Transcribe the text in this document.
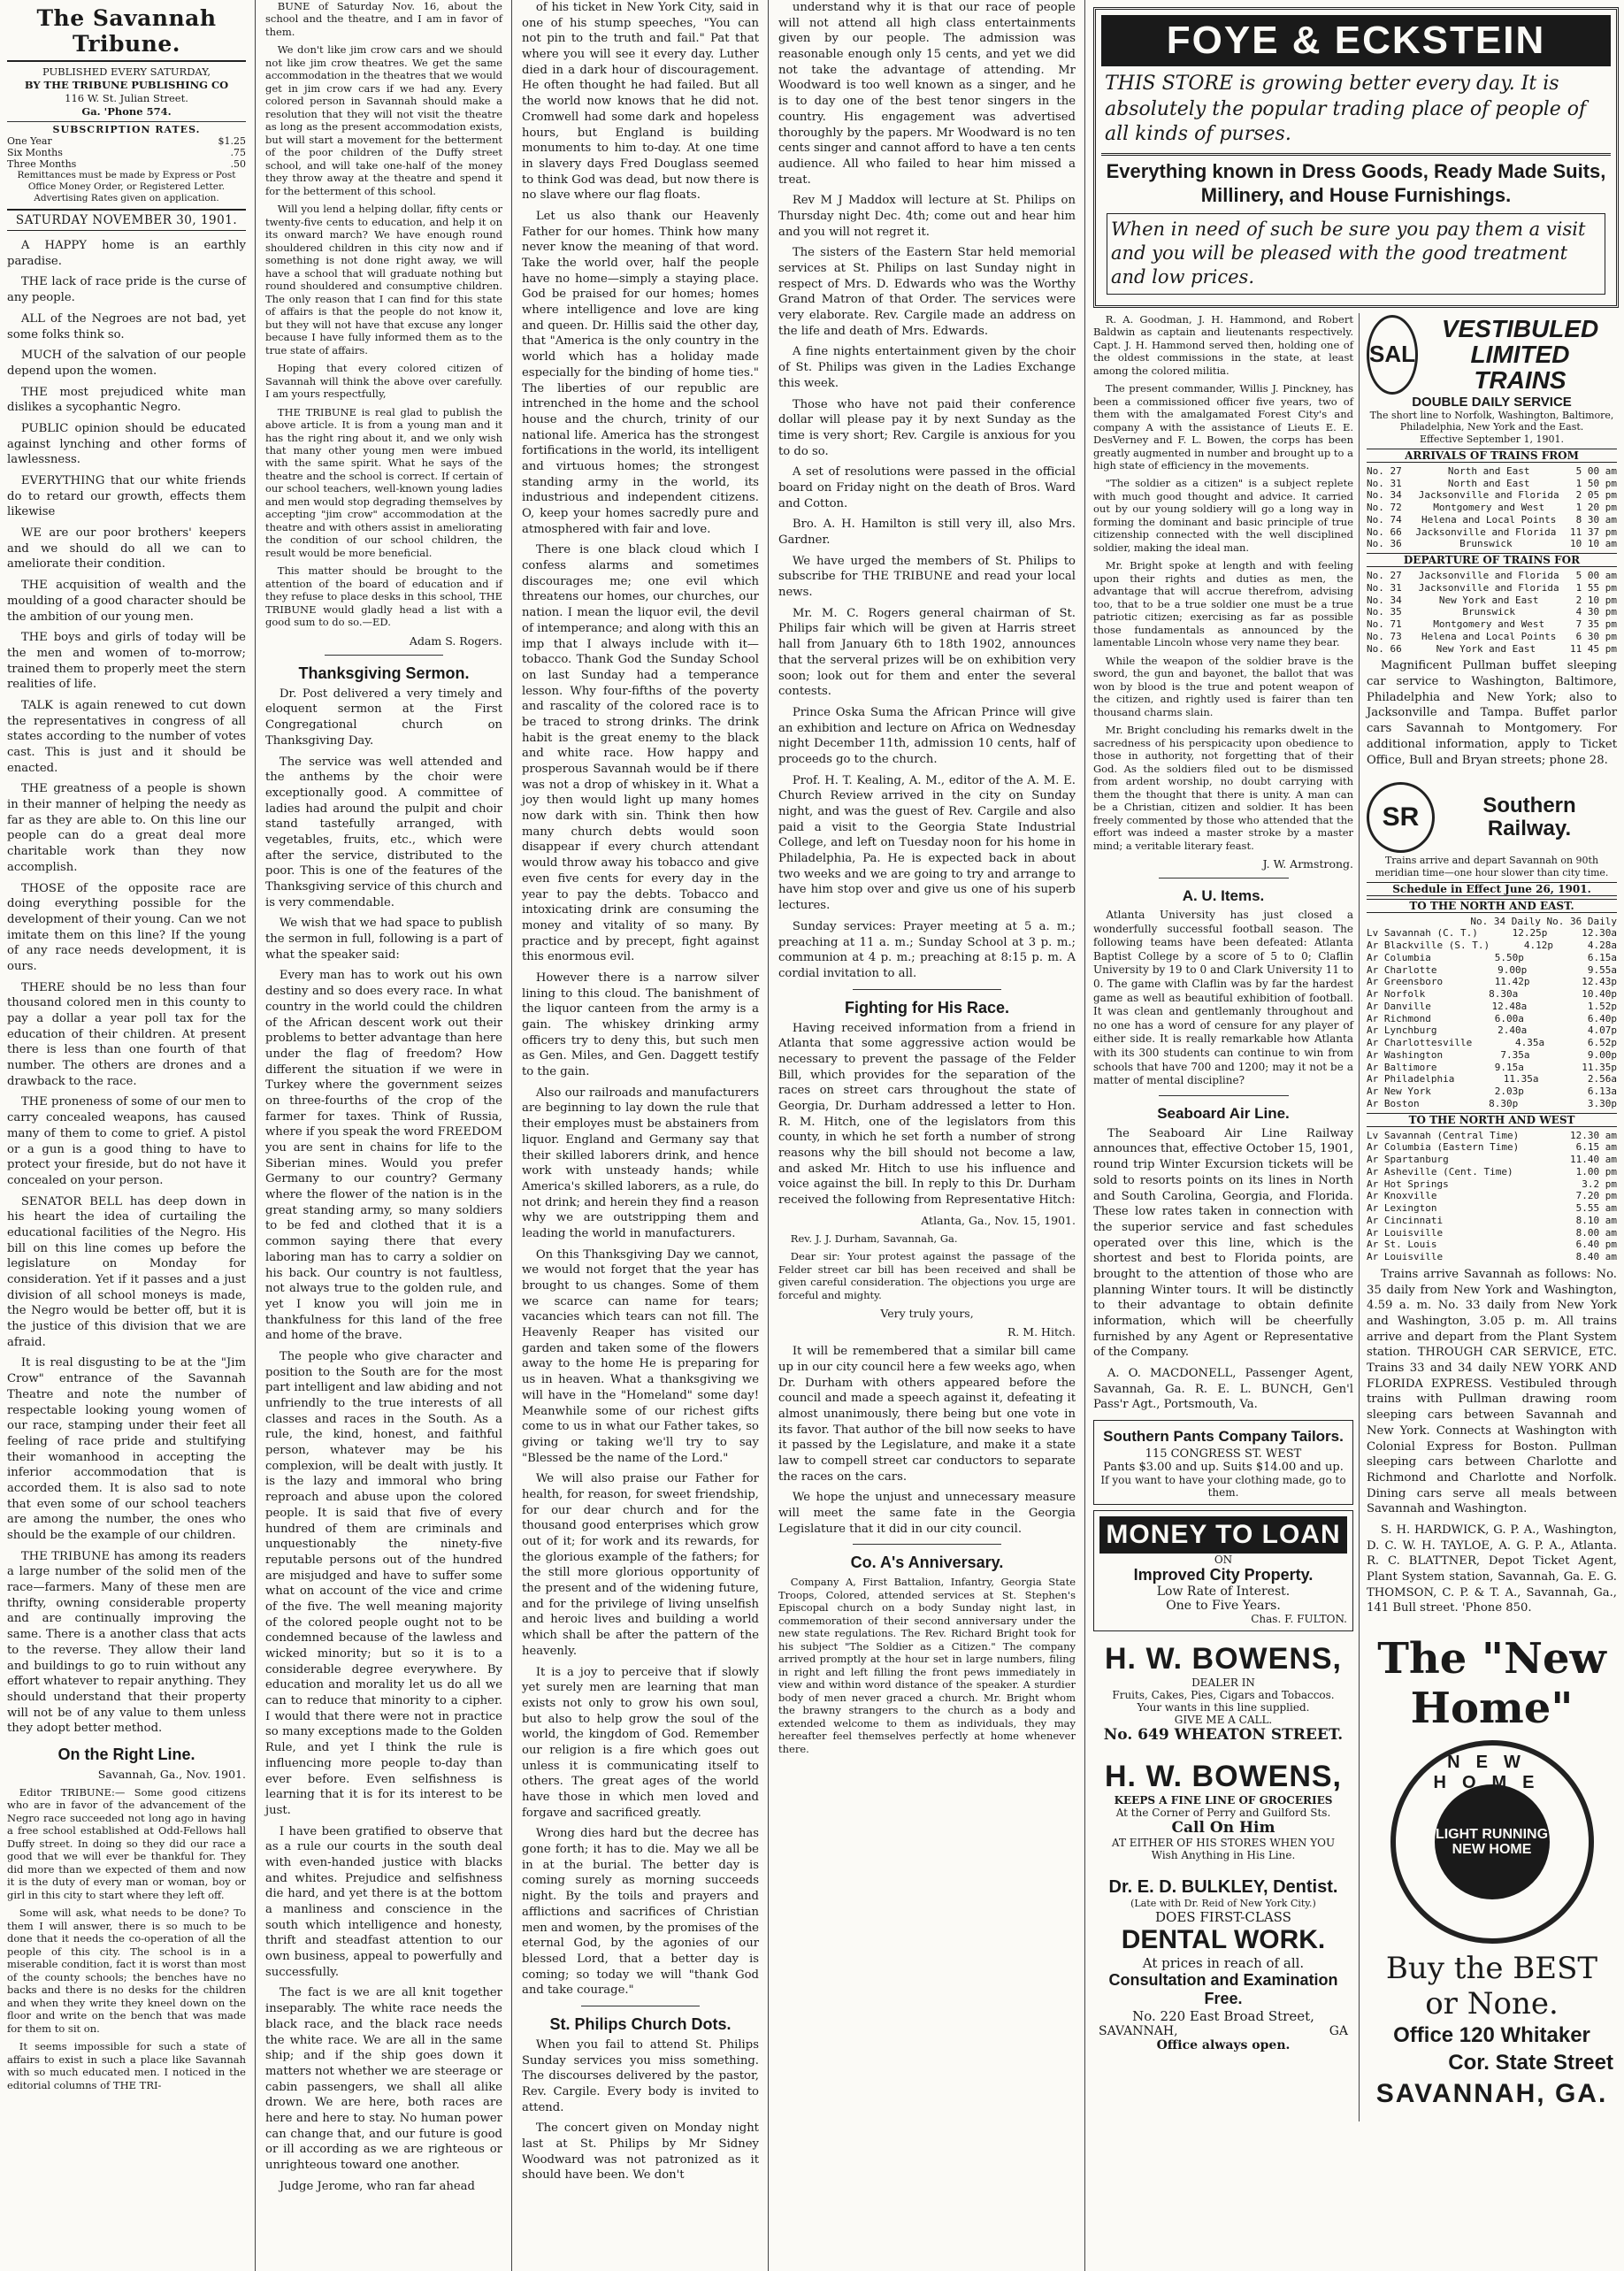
The Savannah Tribune.
PUBLISHED EVERY SATURDAY,
BY THE TRIBUNE PUBLISHING CO
116 W. St. Julian Street.
Ga. 'Phone 574.
SUBSCRIPTION RATES.
One Year	$1.25
Six Months	.75
Three Months	.50
Remittances must be made by Express or Post Office Money Order, or Registered Letter. Advertising Rates given on application.
SATURDAY NOVEMBER 30, 1901.

A HAPPY home is an earthly paradise.

THE lack of race pride is the curse of any people.

ALL of the Negroes are not bad, yet some folks think so.

MUCH of the salvation of our people depend upon the women.

THE most prejudiced white man dislikes a sycophantic Negro.

PUBLIC opinion should be educated against lynching and other forms of lawlessness.

EVERYTHING that our white friends do to retard our growth, effects them likewise

WE are our poor brothers' keepers and we should do all we can to ameliorate their condition.

THE acquisition of wealth and the moulding of a good character should be the ambition of our young men.

THE boys and girls of today will be the men and women of to-morrow; trained them to properly meet the stern realities of life.

TALK is again renewed to cut down the representatives in congress of all states according to the number of votes cast. This is just and it should be enacted.

THE greatness of a people is shown in their manner of helping the needy as far as they are able to. On this line our people can do a great deal more charitable work than they now accomplish.

THOSE of the opposite race are doing everything possible for the development of their young. Can we not imitate them on this line? If the young of any race needs development, it is ours.

THERE should be no less than four thousand colored men in this county to pay a dollar a year poll tax for the education of their children. At present there is less than one fourth of that number. The others are drones and a drawback to the race.

THE proneness of some of our men to carry concealed weapons, has caused many of them to come to grief. A pistol or a gun is a good thing to have to protect your fireside, but do not have it concealed on your person.

SENATOR BELL has deep down in his heart the idea of curtailing the educational facilities of the Negro. His bill on this line comes up before the legislature on Monday for consideration. Yet if it passes and a just division of all school moneys is made, the Negro would be better off, but it is the justice of this division that we are afraid.

It is real disgusting to be at the "Jim Crow" entrance of the Savannah Theatre and note the number of respectable looking young women of our race, stamping under their feet all feeling of race pride and stultifying their womanhood in accepting the inferior accommodation that is accorded them. It is also sad to note that even some of our school teachers are among the number, the ones who should be the example of our children.

THE TRIBUNE has among its readers a large number of the solid men of the race—farmers. Many of these men are thrifty, owning considerable property and are continually improving the same. There is a another class that acts to the reverse. They allow their land and buildings to go to ruin without any effort whatever to repair anything. They should understand that their property will not be of any value to them unless they adopt better method.

On the Right Line.
Savannah, Ga., Nov. 1901.

Editor TRIBUNE:— Some good citizens who are in favor of the advancement of the Negro race succeeded not long ago in having a free school established at Odd-Fellows hall Duffy street. In doing so they did our race a good that we will ever be thankful for. They did more than we expected of them and now it is the duty of every man or woman, boy or girl in this city to start where they left off.

Some will ask, what needs to be done? To them I will answer, there is so much to be done that it needs the co-operation of all the people of this city. The school is in a miserable condition, fact it is worst than most of the county schools; the benches have no backs and there is no desks for the children and when they write they kneel down on the floor and write on the bench that was made for them to sit on.

It seems impossible for such a state of affairs to exist in such a place like Savannah with so much educated men. I noticed in the editorial columns of THE TRI-

BUNE of Saturday Nov. 16, about the school and the theatre, and I am in favor of them.

We don't like jim crow cars and we should not like jim crow theatres. We get the same accommodation in the theatres that we would get in jim crow cars if we had any. Every colored person in Savannah should make a resolution that they will not visit the theatre as long as the present accommodation exists, but will start a movement for the betterment of the poor children of the Duffy street school, and will take one-half of the money they throw away at the theatre and spend it for the betterment of this school.

Will you lend a helping dollar, fifty cents or twenty-five cents to education, and help it on its onward march? We have enough round shouldered children in this city now and if something is not done right away, we will have a school that will graduate nothing but round shouldered and consumptive children. The only reason that I can find for this state of affairs is that the people do not know it, but they will not have that excuse any longer because I have fully informed them as to the true state of affairs.

Hoping that every colored citizen of Savannah will think the above over carefully. I am yours respectfully,

THE TRIBUNE is real glad to publish the above article. It is from a young man and it has the right ring about it, and we only wish that many other young men were imbued with the same spirit. What he says of the theatre and the school is correct. If certain of our school teachers, well-known young ladies and men would stop degrading themselves by accepting "jim crow" accommodation at the theatre and with others assist in ameliorating the condition of our school children, the result would be more beneficial.

This matter should be brought to the attention of the board of education and if they refuse to place desks in this school, THE TRIBUNE would gladly head a list with a good sum to do so.—ED.

Adam S. Rogers.
Thanksgiving Sermon.

Dr. Post delivered a very timely and eloquent sermon at the First Congregational church on Thanksgiving Day.

The service was well attended and the anthems by the choir were exceptionally good. A committee of ladies had around the pulpit and choir stand tastefully arranged, with vegetables, fruits, etc., which were after the service, distributed to the poor. This is one of the features of the Thanksgiving service of this church and is very commendable.

We wish that we had space to publish the sermon in full, following is a part of what the speaker said:

Every man has to work out his own destiny and so does every race. In what country in the world could the children of the African descent work out their problems to better advantage than here under the flag of freedom? How different the situation if we were in Turkey where the government seizes on three-fourths of the crop of the farmer for taxes. Think of Russia, where if you speak the word FREEDOM you are sent in chains for life to the Siberian mines. Would you prefer Germany to our country? Germany where the flower of the nation is in the great standing army, so many soldiers to be fed and clothed that it is a common saying there that every laboring man has to carry a soldier on his back. Our country is not faultless, not always true to the golden rule, and yet I know you will join me in thankfulness for this land of the free and home of the brave.

The people who give character and position to the South are for the most part intelligent and law abiding and not unfriendly to the true interests of all classes and races in the South. As a rule, the kind, honest, and faithful person, whatever may be his complexion, will be dealt with justly. It is the lazy and immoral who bring reproach and abuse upon the colored people. It is said that five of every hundred of them are criminals and unquestionably the ninety-five reputable persons out of the hundred are misjudged and have to suffer some what on account of the vice and crime of the five. The well meaning majority of the colored people ought not to be condemned because of the lawless and wicked minority; but so it is to a considerable degree everywhere. By education and morality let us do all we can to reduce that minority to a cipher. I would that there were not in practice so many exceptions made to the Golden Rule, and yet I think the rule is influencing more people to-day than ever before. Even selfishness is learning that it is for its interest to be just.

I have been gratified to observe that as a rule our courts in the south deal with even-handed justice with blacks and whites. Prejudice and selfishness die hard, and yet there is at the bottom a manliness and conscience in the south which intelligence and honesty, thrift and steadfast attention to our own business, appeal to powerfully and successfully.

The fact is we are all knit together inseparably. The white race needs the black race, and the black race needs the white race. We are all in the same ship; and if the ship goes down it matters not whether we are steerage or cabin passengers, we shall all alike drown. We are here, both races are here and here to stay. No human power can change that, and our future is good or ill according as we are righteous or unrighteous toward one another.

Judge Jerome, who ran far ahead

of his ticket in New York City, said in one of his stump speeches, "You can not pin to the truth and fail." Pat that where you will see it every day. Luther died in a dark hour of discouragement. He often thought he had failed. But all the world now knows that he did not. Cromwell had some dark and hopeless hours, but England is building monuments to him to-day. At one time in slavery days Fred Douglass seemed to think God was dead, but now there is no slave where our flag floats.

Let us also thank our Heavenly Father for our homes. Think how many never know the meaning of that word. Take the world over, half the people have no home—simply a staying place. God be praised for our homes; homes where intelligence and love are king and queen. Dr. Hillis said the other day, that "America is the only country in the world which has a holiday made especially for the binding of home ties." The liberties of our republic are intrenched in the home and the school house and the church, trinity of our national life. America has the strongest fortifications in the world, its intelligent and virtuous homes; the strongest standing army in the world, its industrious and independent citizens. O, keep your homes sacredly pure and atmosphered with fair and love.

There is one black cloud which I confess alarms and sometimes discourages me; one evil which threatens our homes, our churches, our nation. I mean the liquor evil, the devil of intemperance; and along with this an imp that I always include with it—tobacco. Thank God the Sunday School on last Sunday had a temperance lesson. Why four-fifths of the poverty and rascality of the colored race is to be traced to strong drinks. The drink habit is the great enemy to the black and white race. How happy and prosperous Savannah would be if there was not a drop of whiskey in it. What a joy then would light up many homes now dark with sin. Think then how many church debts would soon disappear if every church attendant would throw away his tobacco and give even five cents for every day in the year to pay the debts. Tobacco and intoxicating drink are consuming the money and vitality of so many. By practice and by precept, fight against this enormous evil.

However there is a narrow silver lining to this cloud. The banishment of the liquor canteen from the army is a gain. The whiskey drinking army officers try to deny this, but such men as Gen. Miles, and Gen. Daggett testify to the gain.

Also our railroads and manufacturers are beginning to lay down the rule that their employes must be abstainers from liquor. England and Germany say that their skilled laborers drink, and hence work with unsteady hands; while America's skilled laborers, as a rule, do not drink; and herein they find a reason why we are outstripping them and leading the world in manufacturers.

On this Thanksgiving Day we cannot, we would not forget that the year has brought to us changes. Some of them we scarce can name for tears; vacancies which tears can not fill. The Heavenly Reaper has visited our garden and taken some of the flowers away to the home He is preparing for us in heaven. What a thanksgiving we will have in the "Homeland" some day! Meanwhile some of our richest gifts come to us in what our Father takes, so giving or taking we'll try to say "Blessed be the name of the Lord."

We will also praise our Father for health, for reason, for sweet friendship, for our dear church and for the thousand good enterprises which grow out of it; for work and its rewards, for the glorious example of the fathers; for the still more glorious opportunity of the present and of the widening future, and for the privilege of living unselfish and heroic lives and building a world which shall be after the pattern of the heavenly.

It is a joy to perceive that if slowly yet surely men are learning that man exists not only to grow his own soul, but also to help grow the soul of the world, the kingdom of God. Remember our religion is a fire which goes out unless it is communicating itself to others. The great ages of the world have those in which men loved and forgave and sacrificed greatly.

Wrong dies hard but the decree has gone forth; it has to die. May we all be in at the burial. The better day is coming surely as morning succeeds night. By the toils and prayers and afflictions and sacrifices of Christian men and women, by the promises of the eternal God, by the agonies of our blessed Lord, that a better day is coming; so today we will "thank God and take courage."

St. Philips Church Dots.

When you fail to attend St. Philips Sunday services you miss something. The discourses delivered by the pastor, Rev. Cargile. Every body is invited to attend.

The concert given on Monday night last at St. Philips by Mr Sidney Woodward was not patronized as it should have been. We don't

understand why it is that our race of people will not attend all high class entertainments given by our people. The admission was reasonable enough only 15 cents, and yet we did not take the advantage of attending. Mr Woodward is too well known as a singer, and he is to day one of the best tenor singers in the country. His engagement was advertised thoroughly by the papers. Mr Woodward is no ten cents singer and cannot afford to have a ten cents audience. All who failed to hear him missed a treat.

Rev M J Maddox will lecture at St. Philips on Thursday night Dec. 4th; come out and hear him and you will not regret it.

The sisters of the Eastern Star held memorial services at St. Philips on last Sunday night in respect of Mrs. D. Edwards who was the Worthy Grand Matron of that Order. The services were very elaborate. Rev. Cargile made an address on the life and death of Mrs. Edwards.

A fine nights entertainment given by the choir of St. Philips was given in the Ladies Exchange this week.

Those who have not paid their conference dollar will please pay it by next Sunday as the time is very short; Rev. Cargile is anxious for you to do so.

A set of resolutions were passed in the official board on Friday night on the death of Bros. Ward and Cotton.

Bro. A. H. Hamilton is still very ill, also Mrs. Gardner.

We have urged the members of St. Philips to subscribe for THE TRIBUNE and read your local news.

Mr. M. C. Rogers general chairman of St. Philips fair which will be given at Harris street hall from January 6th to 18th 1902, announces that the serveral prizes will be on exhibition very soon; look out for them and enter the several contests.

Prince Oska Suma the African Prince will give an exhibition and lecture on Africa on Wednesday night December 11th, admission 10 cents, half of proceeds go to the church.

Prof. H. T. Kealing, A. M., editor of the A. M. E. Church Review arrived in the city on Sunday night, and was the guest of Rev. Cargile and also paid a visit to the Georgia State Industrial College, and left on Tuesday noon for his home in Philadelphia, Pa. He is expected back in about two weeks and we are going to try and arrange to have him stop over and give us one of his superb lectures.

Sunday services: Prayer meeting at 5 a. m.; preaching at 11 a. m.; Sunday School at 3 p. m.; communion at 4 p. m.; preaching at 8:15 p. m. A cordial invitation to all.

Fighting for His Race.

Having received information from a friend in Atlanta that some aggressive action would be necessary to prevent the passage of the Felder Bill, which provides for the separation of the races on street cars throughout the state of Georgia, Dr. Durham addressed a letter to Hon. R. M. Hitch, one of the legislators from this county, in which he set forth a number of strong reasons why the bill should not become a law, and asked Mr. Hitch to use his influence and voice against the bill. In reply to this Dr. Durham received the following from Representative Hitch:

Atlanta, Ga., Nov. 15, 1901.

Rev. J. J. Durham, Savannah, Ga.

Dear sir: Your protest against the passage of the Felder street car bill has been received and shall be given careful consideration. The objections you urge are forceful and mighty.

Very truly yours,
R. M. Hitch.

It will be remembered that a similar bill came up in our city council here a few weeks ago, when Dr. Durham with others appeared before the council and made a speech against it, defeating it almost unanimously, there being but one vote in its favor. That author of the bill now seeks to have it passed by the Legislature, and make it a state law to compell street car conductors to separate the races on the cars.

We hope the unjust and unnecessary measure will meet the same fate in the Georgia Legislature that it did in our city council.

Co. A's Anniversary.

Company A, First Battalion, Infantry, Georgia State Troops, Colored, attended services at St. Stephen's Episcopal church on a body Sunday night last, in commemoration of their second anniversary under the new state regulations. The Rev. Richard Bright took for his subject "The Soldier as a Citizen." The company arrived promptly at the hour set in large numbers, filing in right and left filling the front pews immediately in view and within word distance of the speaker. A sturdier body of men never graced a church. Mr. Bright whom the brawny strangers to the church as a body and extended welcome to them as individuals, they may hereafter feel themselves perfectly at home whenever there.

FOYE & ECKSTEIN
THIS STORE is growing better every day. It is absolutely the popular trading place of people of all kinds of purses.
Everything known in Dress Goods, Ready Made Suits, Millinery, and House Furnishings.
When in need of such be sure you pay them a visit and you will be pleased with the good treatment and low prices.

R. A. Goodman, J. H. Hammond, and Robert Baldwin as captain and lieutenants respectively. Capt. J. H. Hammond served then, holding one of the oldest commissions in the state, at least among the colored militia.

The present commander, Willis J. Pinckney, has been a commissioned officer five years, two of them with the amalgamated Forest City's and company A with the assistance of Lieuts E. E. DesVerney and F. L. Bowen, the corps has been greatly augmented in number and brought up to a high state of efficiency in the movements.

"The soldier as a citizen" is a subject replete with much good thought and advice. It carried out by our young soldiery will go a long way in forming the dominant and basic principle of true citizenship connected with the well disciplined soldier, making the ideal man.

Mr. Bright spoke at length and with feeling upon their rights and duties as men, the advantage that will accrue therefrom, advising too, that to be a true soldier one must be a true patriotic citizen; exercising as far as possible those fundamentals as announced by the lamentable Lincoln whose very name they bear.

While the weapon of the soldier brave is the sword, the gun and bayonet, the ballot that was won by blood is the true and potent weapon of the citizen, and rightly used is fairer than ten thousand charms slain.

Mr. Bright concluding his remarks dwelt in the sacredness of his perspicacity upon obedience to those in authority, not forgetting that of their God. As the soldiers filed out to be dismissed from ardent worship, no doubt carrying with them the thought that there is unity. A man can be a Christian, citizen and soldier. It has been freely commented by those who attended that the effort was indeed a master stroke by a master mind; a veritable literary feast.

J. W. Armstrong.
A. U. Items.

Atlanta University has just closed a wonderfully successful football season. The following teams have been defeated: Atlanta Baptist College by a score of 5 to 0; Claflin University by 19 to 0 and Clark University 11 to 0. The game with Claflin was by far the hardest game as well as beautiful exhibition of football. It was clean and gentlemanly throughout and no one has a word of censure for any player of either side. It is really remarkable how Atlanta with its 300 students can continue to win from schools that have 700 and 1200; may it not be a matter of mental discipline?

Seaboard Air Line.

The Seaboard Air Line Railway announces that, effective October 15, 1901, round trip Winter Excursion tickets will be sold to resorts points on its lines in North and South Carolina, Georgia, and Florida. These low rates taken in connection with the superior service and fast schedules operated over this line, which is the shortest and best to Florida points, are brought to the attention of those who are planning Winter tours. It will be distinctly to their advantage to obtain definite information, which will be cheerfully furnished by any Agent or Representative of the Company.

A. O. MACDONELL, Passenger Agent, Savannah, Ga. R. E. L. BUNCH, Gen'l Pass'r Agt., Portsmouth, Va.

Southern Pants Company Tailors.
115 CONGRESS ST. WEST
Pants $3.00 and up. Suits $14.00 and up.
If you want to have your clothing made, go to them.
MONEY TO LOAN
ON
Improved City Property.
Low Rate of Interest.
One to Five Years.
Chas. F. FULTON.
H. W. BOWENS,
DEALER IN
Fruits, Cakes, Pies, Cigars and Tobaccos. Your wants in this line supplied.
GIVE ME A CALL.
No. 649 WHEATON STREET.
H. W. BOWENS,
KEEPS A FINE LINE OF GROCERIES
At the Corner of Perry and Guilford Sts.
Call On Him
AT EITHER OF HIS STORES WHEN YOU Wish Anything in His Line.
Dr. E. D. BULKLEY, Dentist.
(Late with Dr. Reid of New York City.)
DOES FIRST-CLASS
DENTAL WORK.
At prices in reach of all.
Consultation and Examination Free.
No. 220 East Broad Street,
SAVANNAH,	GA
Office always open.
SAL
VESTIBULED LIMITED TRAINS
DOUBLE DAILY SERVICE
The short line to Norfolk, Washington, Baltimore, Philadelphia, New York and the East.
Effective September 1, 1901.
ARRIVALS OF TRAINS FROM
No. 27	North and East	5 00 am
No. 31	North and East	1 50 pm
No. 34 Jacksonville and Florida 2 05 pm
No. 72	Montgomery and West	1 20 pm
No. 74 Helena and Local Points 8 30 am
No. 66 Jacksonville and Florida 11 37 pm
No. 36	Brunswick	10 10 am
DEPARTURE OF TRAINS FOR
No. 27 Jacksonville and Florida 5 00 am
No. 31 Jacksonville and Florida 1 55 pm
No. 34	New York and East	2 10 pm
No. 35	Brunswick	4 30 pm
No. 71	Montgomery and West	7 35 pm
No. 73 Helena and Local Points 6 30 pm
No. 66	New York and East	11 45 pm

Magnificent Pullman buffet sleeping car service to Washington, Baltimore, Philadelphia and New York; also to Jacksonville and Tampa. Buffet parlor cars Savannah to Montgomery. For additional information, apply to Ticket Office, Bull and Bryan streets; phone 28.

SR	Southern Railway.
Trains arrive and depart Savannah on 90th meridian time—one hour slower than city time.
Schedule in Effect June 26, 1901.
TO THE NORTH AND EAST.
No. 34 Daily No. 36 Daily
Lv Savannah (C. T.)	12.25p	12.30a
Ar Blackville (S. T.)	4.12p	4.28a
Ar Columbia	5.50p	6.15a
Ar Charlotte	9.00p	9.55a
Ar Greensboro	11.42p	12.43p
Ar Norfolk	8.30a	10.40p
Ar Danville	12.48a	1.52p
Ar Richmond	6.00a	6.40p
Ar Lynchburg	2.40a	4.07p
Ar Charlottesville	4.35a	6.52p
Ar Washington	7.35a	9.00p
Ar Baltimore	9.15a	11.35p
Ar Philadelphia	11.35a	2.56a
Ar New York	2.03p	6.13a
Ar Boston	8.30p	3.30p
TO THE NORTH AND WEST
Lv Savannah (Central Time)	12.30 am
Ar Columbia (Eastern Time)	6.15 am
Ar Spartanburg	11.40 am
Ar Asheville (Cent. Time)	1.00 pm
Ar Hot Springs	3.2 pm
Ar Knoxville	7.20 pm
Ar Lexington	5.55 am
Ar Cincinnati	8.10 am
Ar Louisville	8.00 am
Ar St. Louis	6.40 pm
Ar Louisville	8.40 am

Trains arrive Savannah as follows: No. 35 daily from New York and Washington, 4.59 a. m. No. 33 daily from New York and Washington, 3.05 p. m. All trains arrive and depart from the Plant System station. THROUGH CAR SERVICE, ETC. Trains 33 and 34 daily NEW YORK AND FLORIDA EXPRESS. Vestibuled through trains with Pullman drawing room sleeping cars between Savannah and New York. Connects at Washington with Colonial Express for Boston. Pullman sleeping cars between Charlotte and Richmond and Charlotte and Norfolk. Dining cars serve all meals between Savannah and Washington.

S. H. HARDWICK, G. P. A., Washington, D. C. W. H. TAYLOE, A. G. P. A., Atlanta. R. C. BLATTNER, Depot Ticket Agent, Plant System station, Savannah, Ga. E. G. THOMSON, C. P. & T. A., Savannah, Ga., 141 Bull street. 'Phone 850.

The "New Home"
NEW HOME
LIGHT RUNNING NEW HOME
Buy the BEST or None.
Office 120 Whitaker
Cor. State Street
SAVANNAH, GA.
